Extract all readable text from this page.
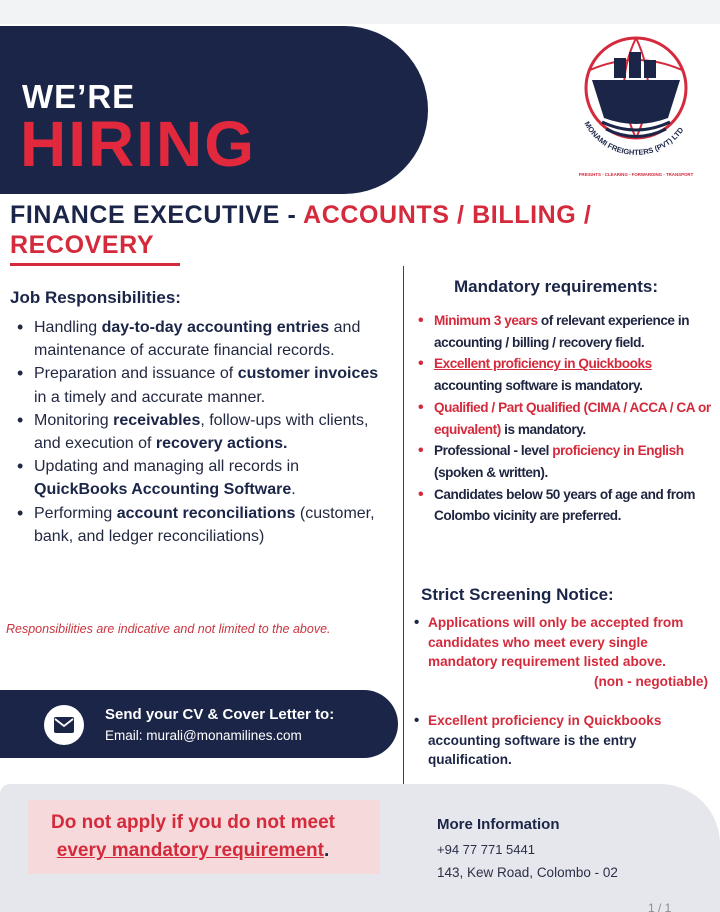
WE’RE
HIRING	MONAMI FREIGHTERS (PVT) LTD
FREIGHTS - CLEARING - FORWARDING - TRANSPORT
FINANCE EXECUTIVE - ACCOUNTS / BILLING / RECOVERY
Job Responsibilities:
• Handling day-to-day accounting entries and maintenance of accurate financial records.
• Preparation and issuance of customer invoices in a timely and accurate manner.
• Monitoring receivables, follow-ups with clients, and execution of recovery actions.
• Updating and managing all records in QuickBooks Accounting Software.
• Performing account reconciliations (customer, bank, and ledger reconciliations)
Responsibilities are indicative and not limited to the above.
Mandatory requirements:
• Minimum 3 years of relevant experience in accounting / billing / recovery field.
• Excellent proficiency in Quickbooks accounting software is mandatory.
• Qualified / Part Qualified (CIMA / ACCA / CA or equivalent) is mandatory.
• Professional - level proficiency in English (spoken & written).
• Candidates below 50 years of age and from Colombo vicinity are preferred.
Strict Screening Notice:
• Applications will only be accepted from candidates who meet every single mandatory requirement listed above.
(non - negotiable)
• Excellent proficiency in Quickbooks accounting software is the entry qualification.
Send your CV & Cover Letter to:
Email: murali@monamilines.com
Do not apply if you do not meet
every mandatory requirement.
More Information
+94 77 771 5441
143, Kew Road, Colombo - 02
1 / 1
